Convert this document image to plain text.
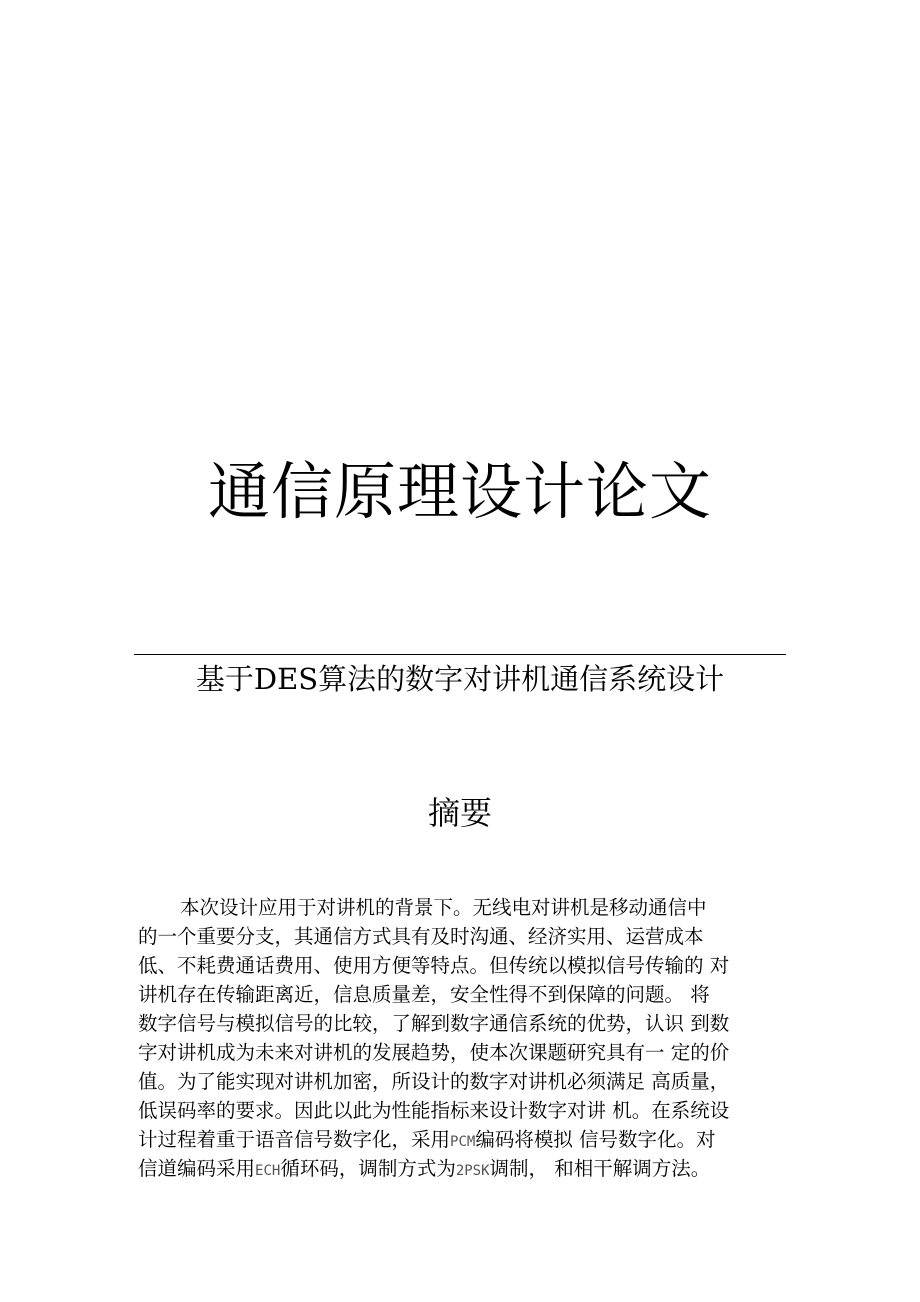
通信原理设计论文
基于DES算法的数字对讲机通信系统设计
摘要
本次设计应用于对讲机的背景下。无线电对讲机是移动通信中
的一个重要分支，其通信方式具有及时沟通、经济实用、运营成本
低、不耗费通话费用、使用方便等特点。但传统以模拟信号传输的 对
讲机存在传输距离近，信息质量差，安全性得不到保障的问题。 将
数字信号与模拟信号的比较，了解到数字通信系统的优势，认识 到数
字对讲机成为未来对讲机的发展趋势，使本次课题研究具有一 定的价
值。为了能实现对讲机加密，所设计的数字对讲机必须满足 高质量，
低误码率的要求。因此以此为性能指标来设计数字对讲 机。在系统设
计过程着重于语音信号数字化，采用PCM编码将模拟 信号数字化。对
信道编码采用ECH循环码，调制方式为2PSK调制， 和相干解调方法。
